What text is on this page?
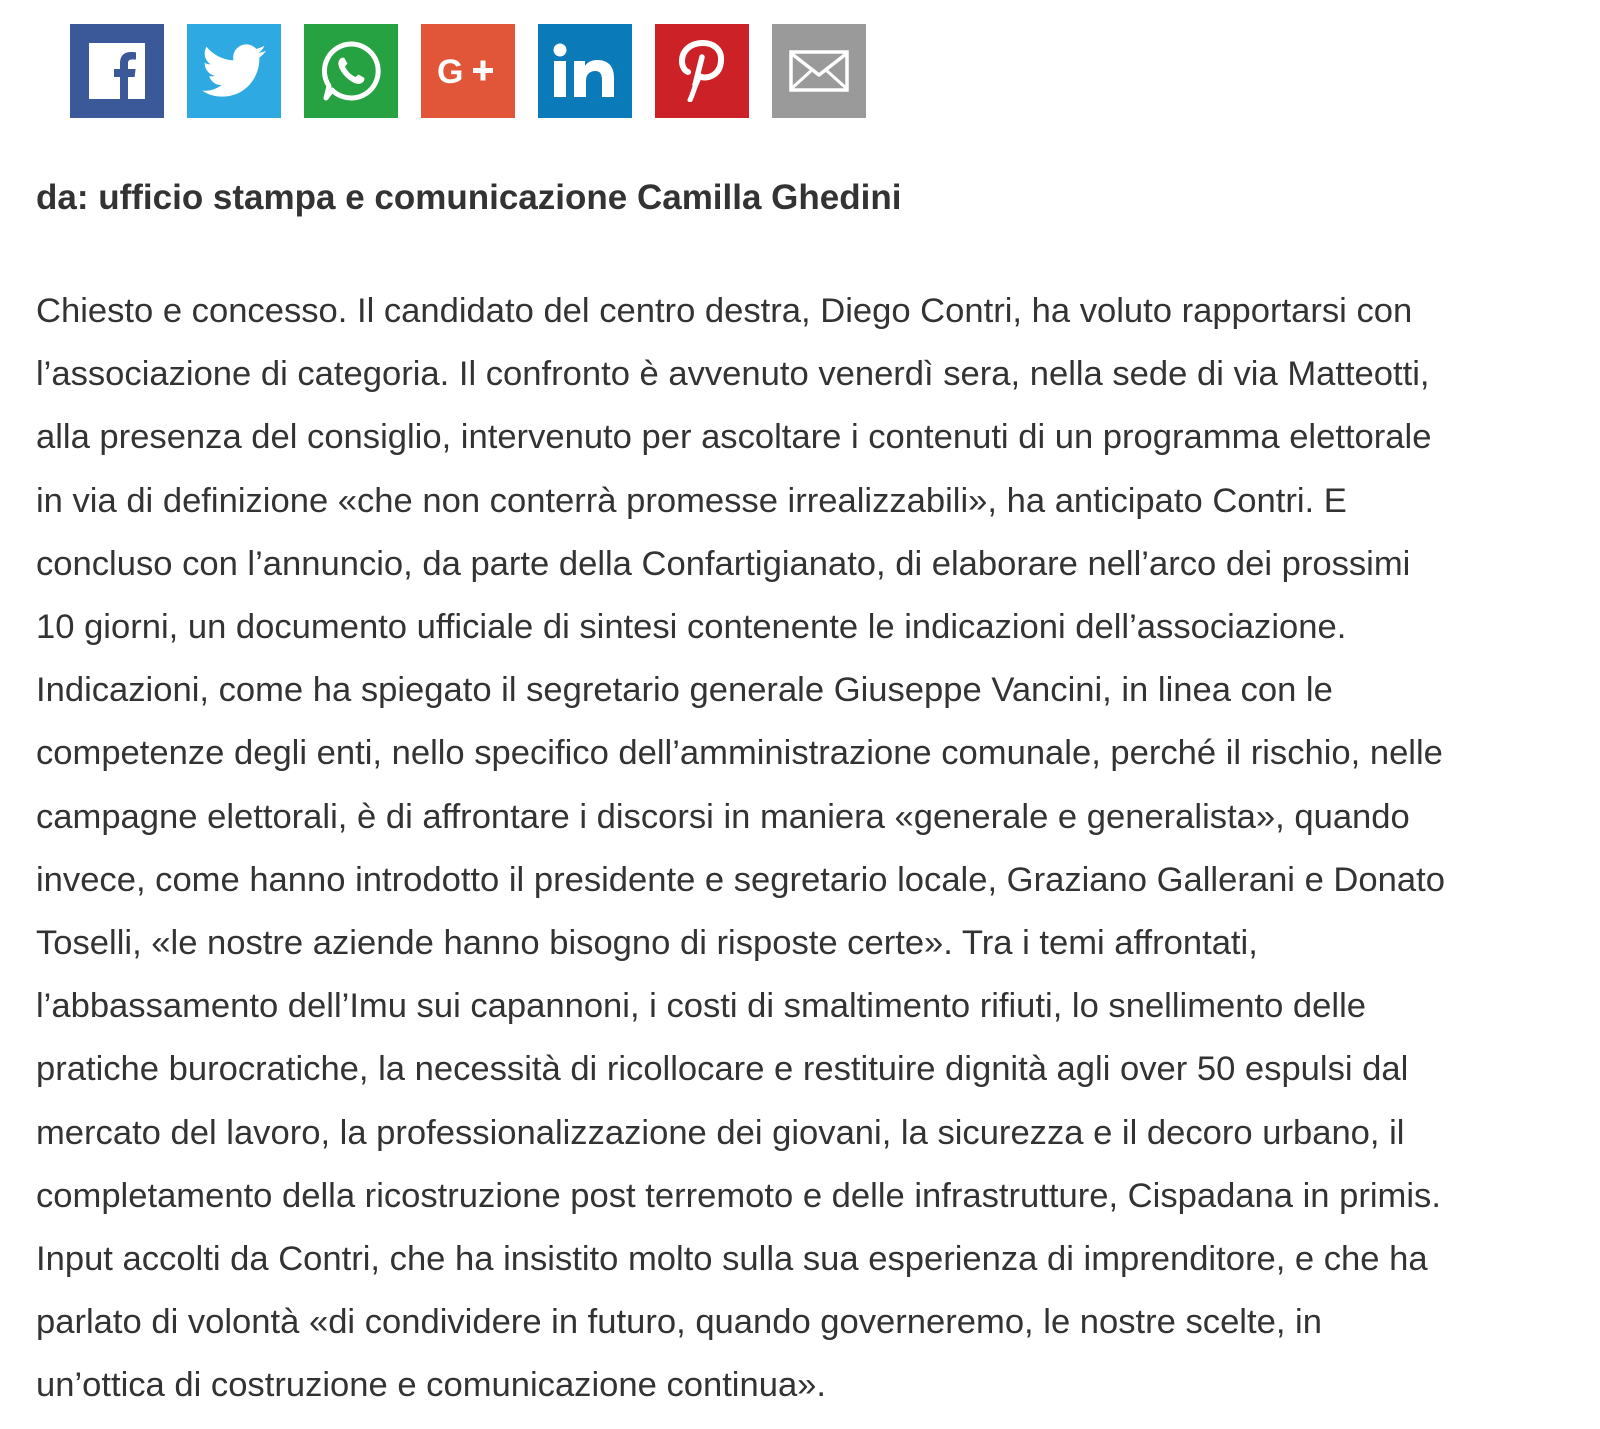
G
da: ufficio stampa e comunicazione Camilla Ghedini
Chiesto e concesso. Il candidato del centro destra, Diego Contri, ha voluto rapportarsi con
l’associazione di categoria. Il confronto è avvenuto venerdì sera, nella sede di via Matteotti,
alla presenza del consiglio, intervenuto per ascoltare i contenuti di un programma elettorale
in via di definizione «che non conterrà promesse irrealizzabili», ha anticipato Contri. E
concluso con l’annuncio, da parte della Confartigianato, di elaborare nell’arco dei prossimi
10 giorni, un documento ufficiale di sintesi contenente le indicazioni dell’associazione.
Indicazioni, come ha spiegato il segretario generale Giuseppe Vancini, in linea con le
competenze degli enti, nello specifico dell’amministrazione comunale, perché il rischio, nelle
campagne elettorali, è di affrontare i discorsi in maniera «generale e generalista», quando
invece, come hanno introdotto il presidente e segretario locale, Graziano Gallerani e Donato
Toselli, «le nostre aziende hanno bisogno di risposte certe». Tra i temi affrontati,
l’abbassamento dell’Imu sui capannoni, i costi di smaltimento rifiuti, lo snellimento delle
pratiche burocratiche, la necessità di ricollocare e restituire dignità agli over 50 espulsi dal
mercato del lavoro, la professionalizzazione dei giovani, la sicurezza e il decoro urbano, il
completamento della ricostruzione post terremoto e delle infrastrutture, Cispadana in primis.
Input accolti da Contri, che ha insistito molto sulla sua esperienza di imprenditore, e che ha
parlato di volontà «di condividere in futuro, quando governeremo, le nostre scelte, in
un’ottica di costruzione e comunicazione continua».
